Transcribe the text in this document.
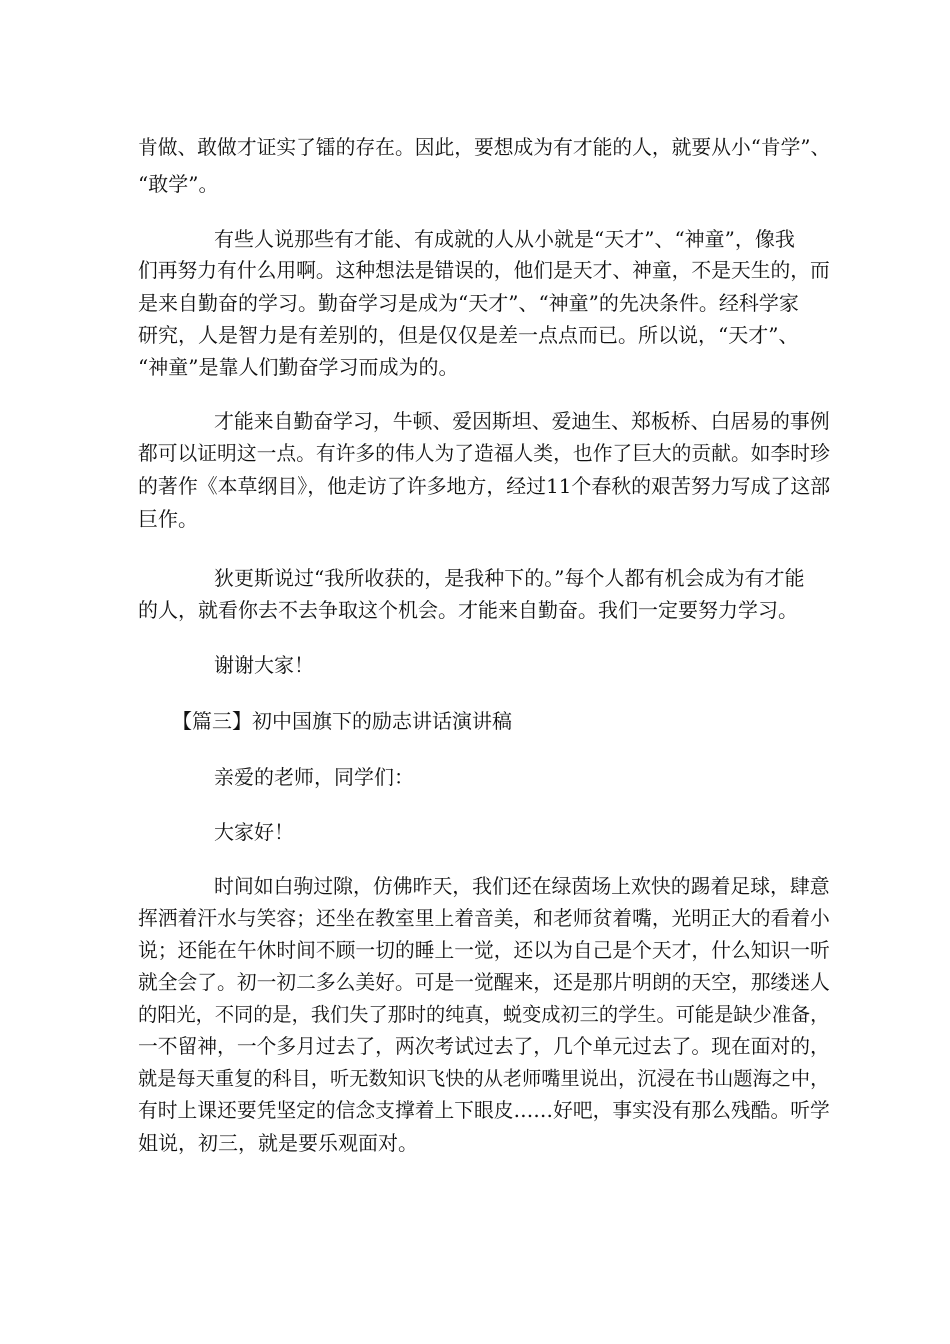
肯做、敢做才证实了镭的存在。因此，要想成为有才能的人，就要从小“肯学”、

“敢学”。

有些人说那些有才能、有成就的人从小就是“天才”、“神童”，像我

们再努力有什么用啊。这种想法是错误的，他们是天才、神童，不是天生的，而

是来自勤奋的学习。勤奋学习是成为“天才”、“神童”的先决条件。经科学家

研究，人是智力是有差别的，但是仅仅是差一点点而已。所以说，“天才”、

“神童”是靠人们勤奋学习而成为的。

才能来自勤奋学习，牛顿、爱因斯坦、爱迪生、郑板桥、白居易的事例

都可以证明这一点。有许多的伟人为了造福人类，也作了巨大的贡献。如李时珍

的著作《本草纲目》，他走访了许多地方，经过11个春秋的艰苦努力写成了这部

巨作。

狄更斯说过“我所收获的，是我种下的。”每个人都有机会成为有才能

的人，就看你去不去争取这个机会。才能来自勤奋。我们一定要努力学习。

谢谢大家！

【篇三】初中国旗下的励志讲话演讲稿

亲爱的老师，同学们：

大家好！

时间如白驹过隙，仿佛昨天，我们还在绿茵场上欢快的踢着足球，肆意

挥洒着汗水与笑容；还坐在教室里上着音美，和老师贫着嘴，光明正大的看着小

说；还能在午休时间不顾一切的睡上一觉，还以为自己是个天才，什么知识一听

就全会了。初一初二多么美好。可是一觉醒来，还是那片明朗的天空，那缕迷人

的阳光，不同的是，我们失了那时的纯真，蜕变成初三的学生。可能是缺少准备，

一不留神，一个多月过去了，两次考试过去了，几个单元过去了。现在面对的，

就是每天重复的科目，听无数知识飞快的从老师嘴里说出，沉浸在书山题海之中，

有时上课还要凭坚定的信念支撑着上下眼皮……好吧，事实没有那么残酷。听学

姐说，初三，就是要乐观面对。
